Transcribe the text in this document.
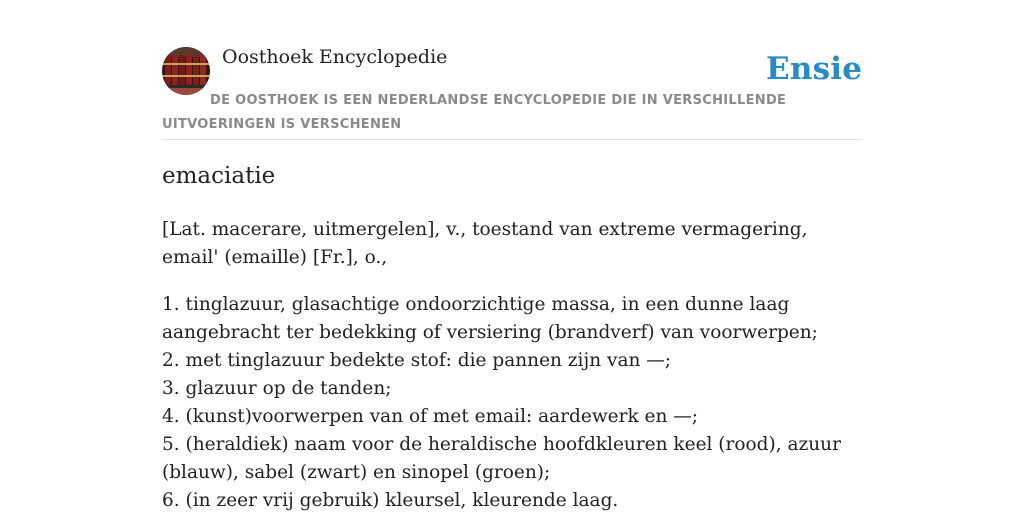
Oosthoek Encyclopedie	Ensie
DE OOSTHOEK IS EEN NEDERLANDSE ENCYCLOPEDIE DIE IN VERSCHILLENDE UITVOERINGEN IS VERSCHENEN
emaciatie

[Lat. macerare, uitmergelen], v., toestand van extreme vermagering, email' (emaille) [Fr.], o.,

1. tinglazuur, glasachtige ondoorzichtige massa, in een dunne laag aangebracht ter bedekking of versiering (brandverf) van voorwerpen;
2. met tinglazuur bedekte stof: die pannen zijn van —;
3. glazuur op de tanden;
4. (kunst)voorwerpen van of met email: aardewerk en —;
5. (heraldiek) naam voor de heraldische hoofdkleuren keel (rood), azuur (blauw), sabel (zwart) en sinopel (groen);
6. (in zeer vrij gebruik) kleursel, kleurende laag.
